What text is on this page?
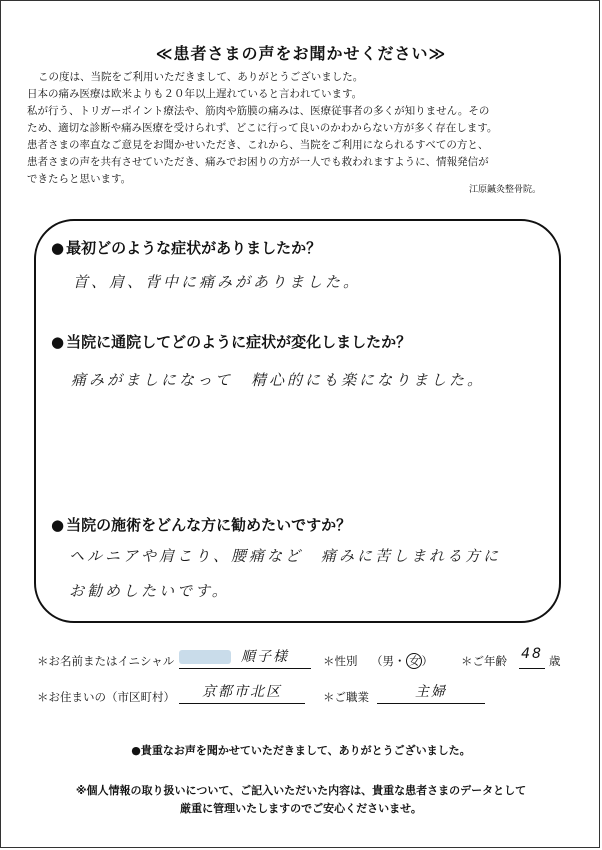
≪患者さまの声をお聞かせください≫

この度は、当院をご利用いただきまして、ありがとうございました。

日本の痛み医療は欧米よりも２０年以上遅れていると言われています。

私が行う、トリガーポイント療法や、筋肉や筋膜の痛みは、医療従事者の多くが知りません。その

ため、適切な診断や痛み医療を受けられず、どこに行って良いのかわからない方が多く存在します。

患者さまの率直なご意見をお聞かせいただき、これから、当院をご利用になられるすべての方と、

患者さまの声を共有させていただき、痛みでお困りの方が一人でも救われますように、情報発信が

できたらと思います。

江原鍼灸整骨院。
● 最初どのような症状がありましたか？
首、肩、背中に痛みがありました。
● 当院に通院してどのように症状が変化しましたか？
痛みがましになって　精心的にも楽になりました。
● 当院の施術をどんな方に勧めたいですか？
ヘルニアや肩こり、腰痛など　痛みに苦しまれる方に
お勧めしたいです。
＊お名前またはイニシャル	順子様	＊性別 （男・ 女 ） ＊ご年齢 48 歳
＊お住まいの（市区町村）	京都市北区	＊ご職業	主婦
●貴重なお声を聞かせていただきまして、ありがとうございました。
※個人情報の取り扱いについて、ご記入いただいた内容は、貴重な患者さまのデータとして
厳重に管理いたしますのでご安心くださいませ。
